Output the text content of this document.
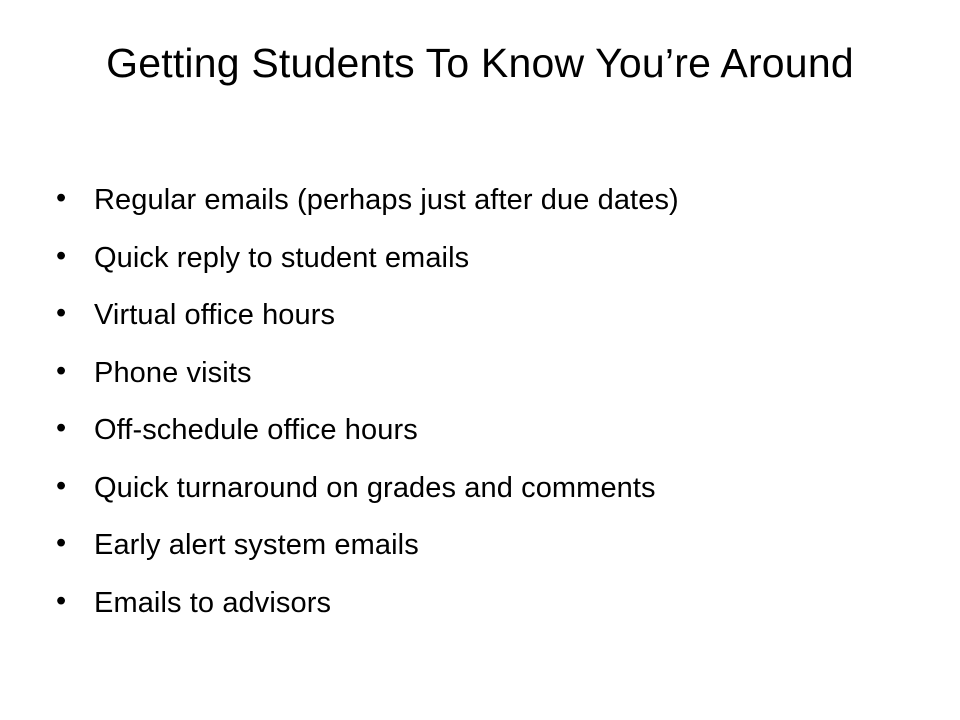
Getting Students To Know You’re Around
• Regular emails (perhaps just after due dates)
• Quick reply to student emails
• Virtual office hours
• Phone visits
• Off-schedule office hours
• Quick turnaround on grades and comments
• Early alert system emails
• Emails to advisors
